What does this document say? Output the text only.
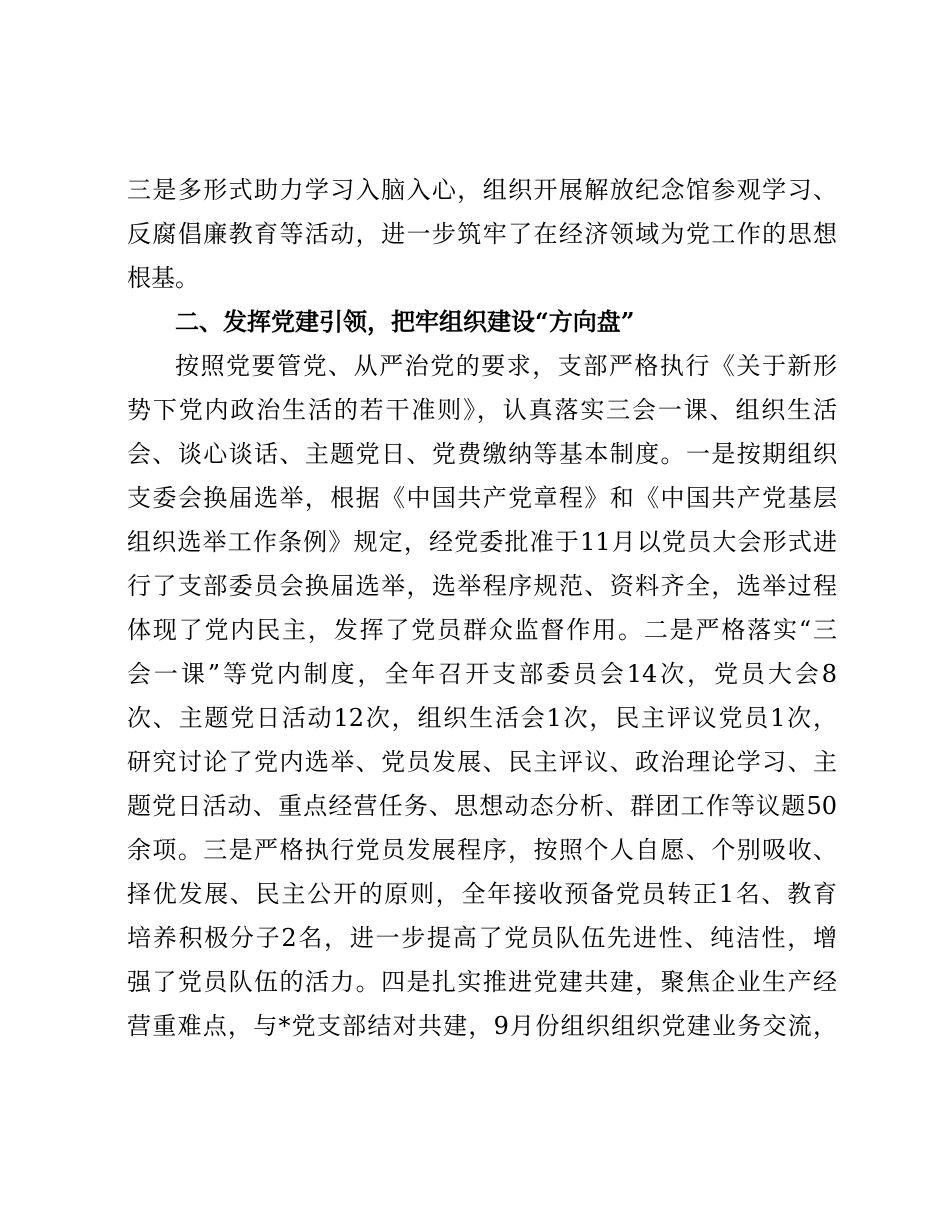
三是多形式助力学习入脑入心，组织开展解放纪念馆参观学习、
反腐倡廉教育等活动，进一步筑牢了在经济领域为党工作的思想
根基。
二、发挥党建引领，把牢组织建设“方向盘”
按照党要管党、从严治党的要求，支部严格执行《关于新形
势下党内政治生活的若干准则》，认真落实三会一课、组织生活
会、谈心谈话、主题党日、党费缴纳等基本制度。一是按期组织
支委会换届选举，根据《中国共产党章程》和《中国共产党基层
组织选举工作条例》规定，经党委批准于11月以党员大会形式进
行了支部委员会换届选举，选举程序规范、资料齐全，选举过程
体现了党内民主，发挥了党员群众监督作用。二是严格落实“三
会一课”等党内制度，全年召开支部委员会14次，党员大会8
次、主题党日活动12次，组织生活会1次，民主评议党员1次，
研究讨论了党内选举、党员发展、民主评议、政治理论学习、主
题党日活动、重点经营任务、思想动态分析、群团工作等议题50
余项。三是严格执行党员发展程序，按照个人自愿、个别吸收、
择优发展、民主公开的原则，全年接收预备党员转正1名、教育
培养积极分子2名，进一步提高了党员队伍先进性、纯洁性，增
强了党员队伍的活力。四是扎实推进党建共建，聚焦企业生产经
营重难点，与*党支部结对共建，9月份组织组织党建业务交流，
